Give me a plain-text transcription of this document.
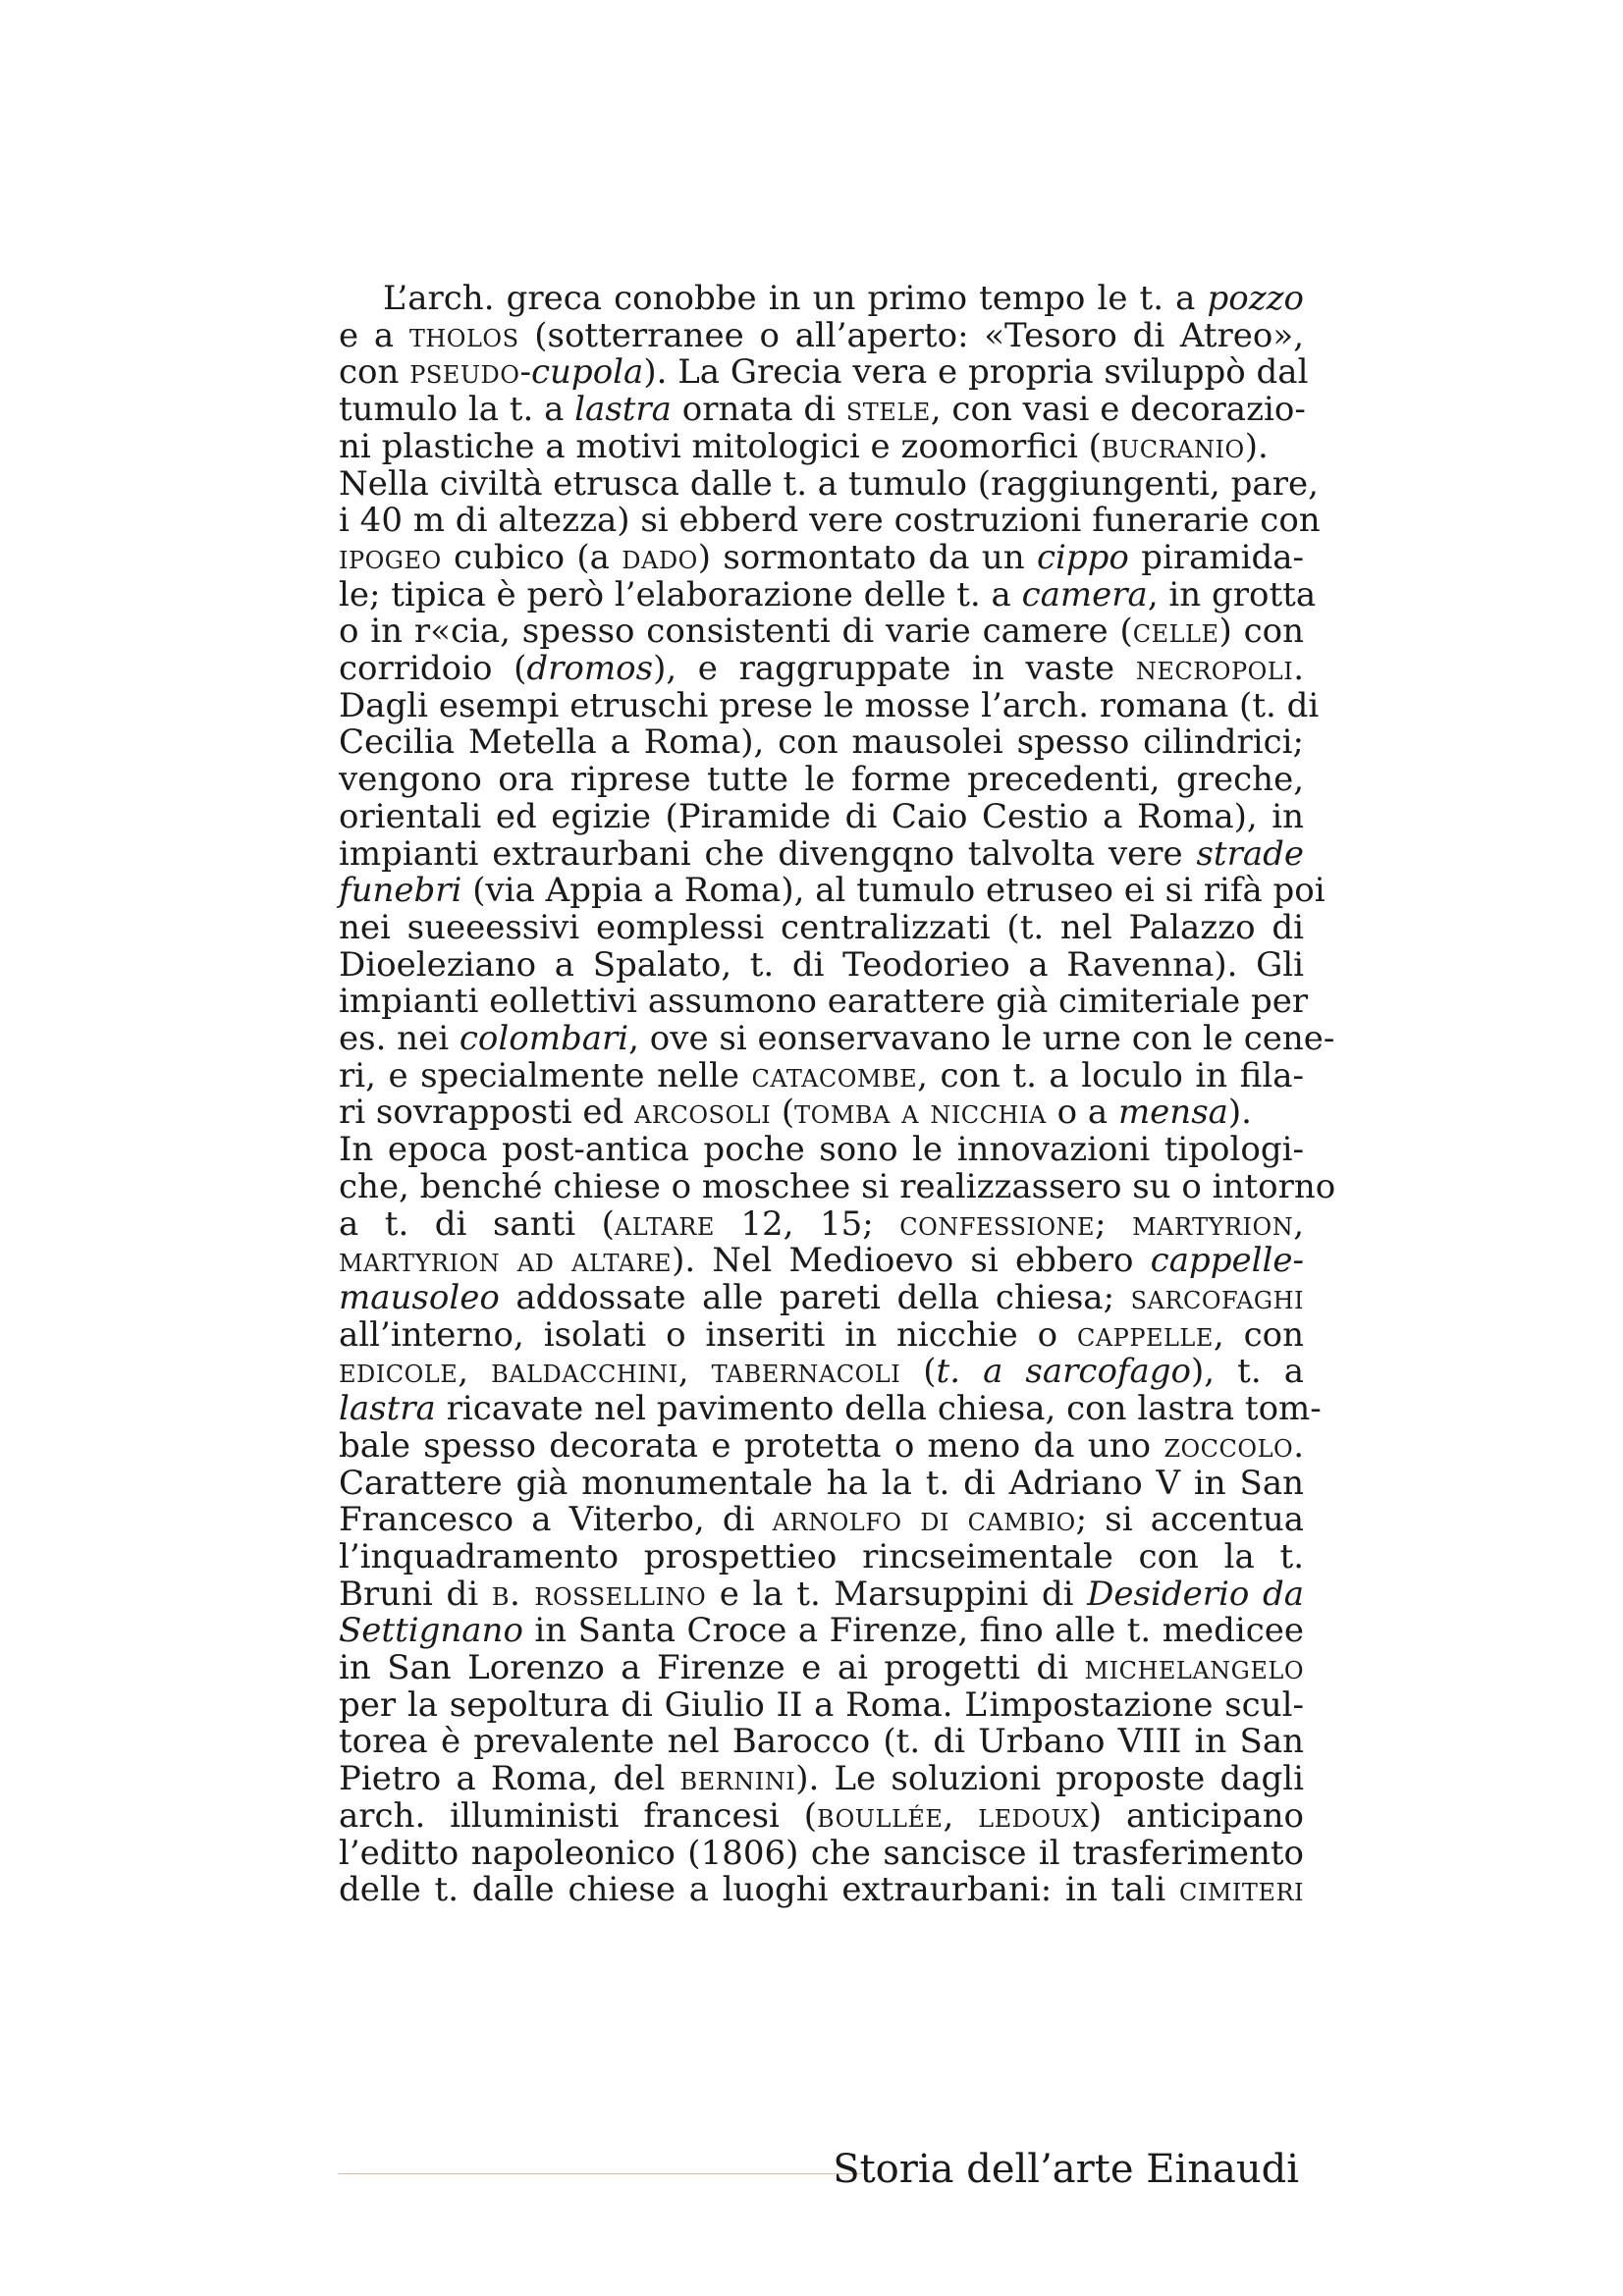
L’arch. greca conobbe in un primo tempo le t. a pozzo
e a tholos (sotterranee o all’aperto: «Tesoro di Atreo»,
con pseudo-cupola). La Grecia vera e propria sviluppò dal
tumulo la t. a lastra ornata di stele, con vasi e decorazio-
ni plastiche a motivi mitologici e zoomorfici (bucranio).
Nella civiltà etrusca dalle t. a tumulo (raggiungenti, pare,
i 40 m di altezza) si ebberd vere costruzioni funerarie con
ipogeo cubico (a dado) sormontato da un cippo piramida-
le; tipica è però l’elaborazione delle t. a camera, in grotta
o in r«cia, spesso consistenti di varie camere (celle) con
corridoio (dromos), e raggruppate in vaste necropoli.
Dagli esempi etruschi prese le mosse l’arch. romana (t. di
Cecilia Metella a Roma), con mausolei spesso cilindrici;
vengono ora riprese tutte le forme precedenti, greche,
orientali ed egizie (Piramide di Caio Cestio a Roma), in
impianti extraurbani che divengqno talvolta vere strade
funebri (via Appia a Roma), al tumulo etruseo ei si rifà poi
nei sueeessivi eomplessi centralizzati (t. nel Palazzo di
Dioeleziano a Spalato, t. di Teodorieo a Ravenna). Gli
impianti eollettivi assumono earattere già cimiteriale per
es. nei colombari, ove si eonservavano le urne con le cene-
ri, e specialmente nelle catacombe, con t. a loculo in fila-
ri sovrapposti ed arcosoli (tomba a nicchia o a mensa).
In epoca post-antica poche sono le innovazioni tipologi-
che, benché chiese o moschee si realizzassero su o intorno
a t. di santi (altare 12, 15; confessione; martyrion,
martyrion ad altare). Nel Medioevo si ebbero cappelle-
mausoleo addossate alle pareti della chiesa; sarcofaghi
all’interno, isolati o inseriti in nicchie o cappelle, con
edicole, baldacchini, tabernacoli (t. a sarcofago), t. a
lastra ricavate nel pavimento della chiesa, con lastra tom-
bale spesso decorata e protetta o meno da uno zoccolo.
Carattere già monumentale ha la t. di Adriano V in San
Francesco a Viterbo, di arnolfo di cambio; si accentua
l’inquadramento prospettieo rincseimentale con la t.
Bruni di b. rossellino e la t. Marsuppini di Desiderio da
Settignano in Santa Croce a Firenze, fino alle t. medicee
in San Lorenzo a Firenze e ai progetti di michelangelo
per la sepoltura di Giulio II a Roma. L’impostazione scul-
torea è prevalente nel Barocco (t. di Urbano VIII in San
Pietro a Roma, del bernini). Le soluzioni proposte dagli
arch. illuministi francesi (boullée, ledoux) anticipano
l’editto napoleonico (1806) che sancisce il trasferimento
delle t. dalle chiese a luoghi extraurbani: in tali cimiteri
Storia dell’arte Einaudi
